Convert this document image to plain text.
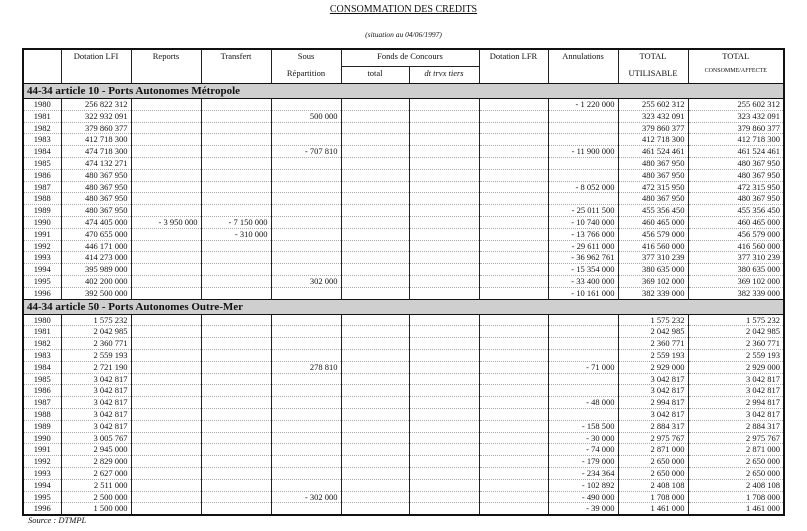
CONSOMMATION DES CREDITS
(situation au 04/06/1997)
	Dotation LFI	Reports	Transfert	Sous	Fonds de Concours		Dotation LFR	Annulations	TOTAL	TOTAL
				Répartition	total	dt trvx tiers			UTILISABLE	CONSOMME/AFFECTE
44-34 article 10 - Ports Autonomes Métropole										
1980	256 822 312							- 1 220 000	255 602 312	255 602 312
1981	322 932 091			500 000					323 432 091	323 432 091
1982	379 860 377								379 860 377	379 860 377
1983	412 718 300								412 718 300	412 718 300
1984	474 718 300			- 707 810				- 11 900 000	461 524 461	461 524 461
1985	474 132 271								480 367 950	480 367 950
1986	480 367 950								480 367 950	480 367 950
1987	480 367 950							- 8 052 000	472 315 950	472 315 950
1988	480 367 950								480 367 950	480 367 950
1989	480 367 950							- 25 011 500	455 356 450	455 356 450
1990	474 405 000	- 3 950 000	- 7 150 000					- 10 740 000	460 465 000	460 465 000
1991	470 655 000		- 310 000					- 13 766 000	456 579 000	456 579 000
1992	446 171 000							- 29 611 000	416 560 000	416 560 000
1993	414 273 000							- 36 962 761	377 310 239	377 310 239
1994	395 989 000							- 15 354 000	380 635 000	380 635 000
1995	402 200 000			302 000				- 33 400 000	369 102 000	369 102 000
1996	392 500 000							- 10 161 000	382 339 000	382 339 000
44-34 article 50 - Ports Autonomes Outre-Mer										
1980	1 575 232								1 575 232	1 575 232
1981	2 042 985								2 042 985	2 042 985
1982	2 360 771								2 360 771	2 360 771
1983	2 559 193								2 559 193	2 559 193
1984	2 721 190			278 810				- 71 000	2 929 000	2 929 000
1985	3 042 817								3 042 817	3 042 817
1986	3 042 817								3 042 817	3 042 817
1987	3 042 817							- 48 000	2 994 817	2 994 817
1988	3 042 817								3 042 817	3 042 817
1989	3 042 817							- 158 500	2 884 317	2 884 317
1990	3 005 767							- 30 000	2 975 767	2 975 767
1991	2 945 000							- 74 000	2 871 000	2 871 000
1992	2 829 000							- 179 000	2 650 000	2 650 000
1993	2 627 000							- 234 364	2 650 000	2 650 000
1994	2 511 000							- 102 892	2 408 108	2 408 108
1995	2 500 000			- 302 000				- 490 000	1 708 000	1 708 000
1996	1 500 000							- 39 000	1 461 000	1 461 000
Source : DTMPL
